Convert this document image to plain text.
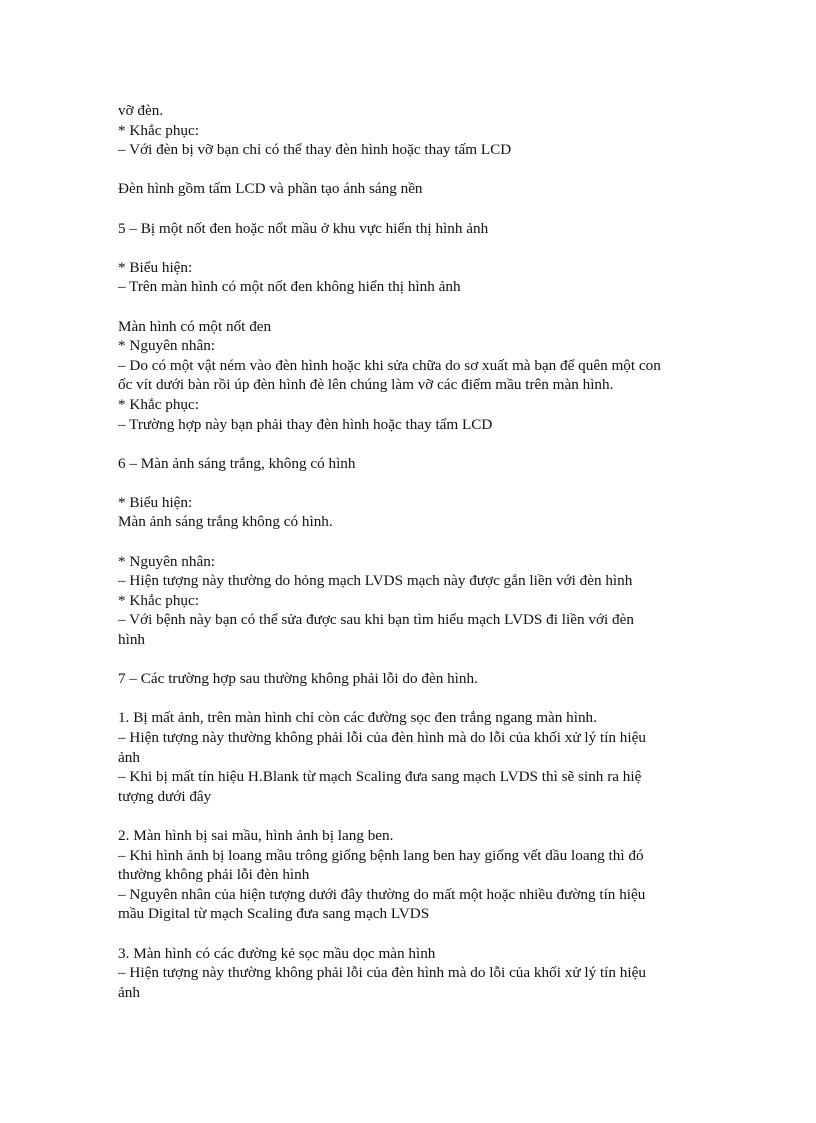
vỡ đèn.
* Khắc phục:
– Với đèn bị vỡ bạn chỉ có thể thay đèn hình hoặc thay tấm LCD
Đèn hình gồm tấm LCD và phần tạo ánh sáng nền
5 – Bị một nốt đen hoặc nốt mầu ở khu vực hiển thị hình ảnh
* Biểu hiện:
– Trên màn hình có một nốt đen không hiển thị hình ảnh
Màn hình có một nốt đen
* Nguyên nhân:
– Do có một vật ném vào đèn hình hoặc khi sửa chữa do sơ xuất mà bạn để quên một con
ốc vít dưới bàn rồi úp đèn hình đè lên chúng làm vỡ các điểm mầu trên màn hình.
* Khắc phục:
– Trường hợp này bạn phải thay đèn hình hoặc thay tấm LCD
6 – Màn ảnh sáng trắng, không có hình
* Biểu hiện:
Màn ảnh sáng trắng không có hình.
* Nguyên nhân:
– Hiện tượng này thường do hỏng mạch LVDS mạch này được gắn liền với đèn hình
* Khắc phục:
– Với bệnh này bạn có thể sửa được sau khi bạn tìm hiểu mạch LVDS đi liền với đèn
hình
7 – Các trường hợp sau thường không phải lỗi do đèn hình.
1. Bị mất ảnh, trên màn hình chỉ còn các đường sọc đen trắng ngang màn hình.
– Hiện tượng này thường không phải lỗi của đèn hình mà do lỗi của khối xử lý tín hiệu
ảnh
– Khi bị mất tín hiệu H.Blank từ mạch Scaling đưa sang mạch LVDS thì sẽ sinh ra hiệ
tượng dưới đây
2. Màn hình bị sai mầu, hình ảnh bị lang ben.
– Khi hình ảnh bị loang mầu trông giống bệnh lang ben hay giống vết dầu loang thì đó
thường không phải lỗi đèn hình
– Nguyên nhân của hiện tượng dưới đây thường do mất một hoặc nhiều đường tín hiệu
mầu Digital từ mạch Scaling đưa sang mạch LVDS
3. Màn hình có các đường kẻ sọc mầu dọc màn hình
– Hiện tượng này thường không phải lỗi của đèn hình mà do lỗi của khối xử lý tín hiệu
ảnh
